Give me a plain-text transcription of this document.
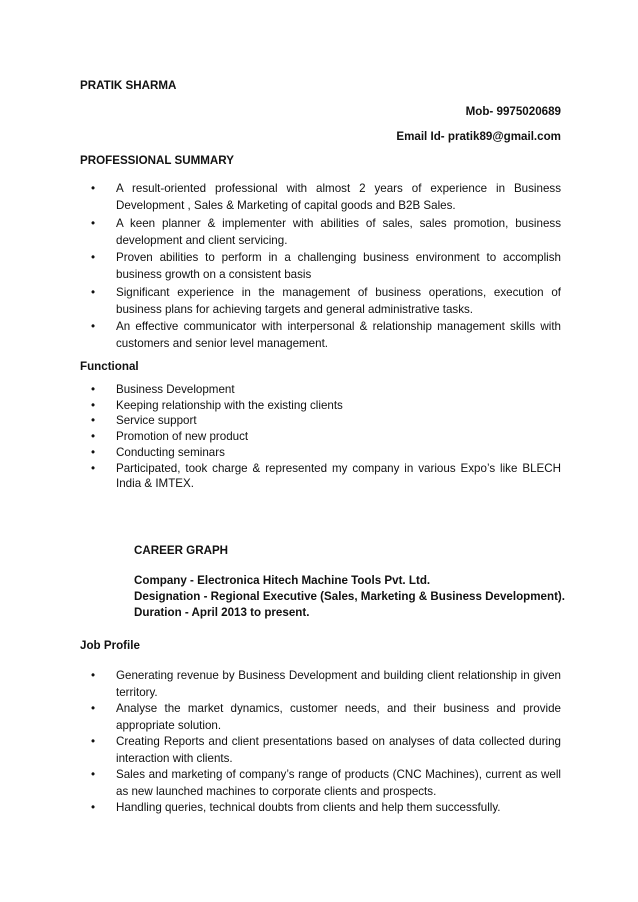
PRATIK SHARMA

Mob- 9975020689

Email Id- pratik89@gmail.com

PROFESSIONAL SUMMARY

• A result-oriented professional with almost 2 years of experience in Business Development , Sales & Marketing of capital goods and B2B Sales.
• A keen planner & implementer with abilities of sales, sales promotion, business development and client servicing.
• Proven abilities to perform in a challenging business environment to accomplish business growth on a consistent basis
• Significant experience in the management of business operations, execution of business plans for achieving targets and general administrative tasks.
• An effective communicator with interpersonal & relationship management skills with customers and senior level management.

Functional

• Business Development
• Keeping relationship with the existing clients
• Service support
• Promotion of new product
• Conducting seminars
• Participated, took charge & represented my company in various Expo’s like BLECH India & IMTEX.

CAREER GRAPH

Company - Electronica Hitech Machine Tools Pvt. Ltd.

Designation - Regional Executive (Sales, Marketing & Business Development).

Duration - April 2013 to present.

Job Profile

• Generating revenue by Business Development and building client relationship in given territory.
• Analyse the market dynamics, customer needs, and their business and provide appropriate solution.
• Creating Reports and client presentations based on analyses of data collected during interaction with clients.
• Sales and marketing of company’s range of products (CNC Machines), current as well as new launched machines to corporate clients and prospects.
• Handling queries, technical doubts from clients and help them successfully.
